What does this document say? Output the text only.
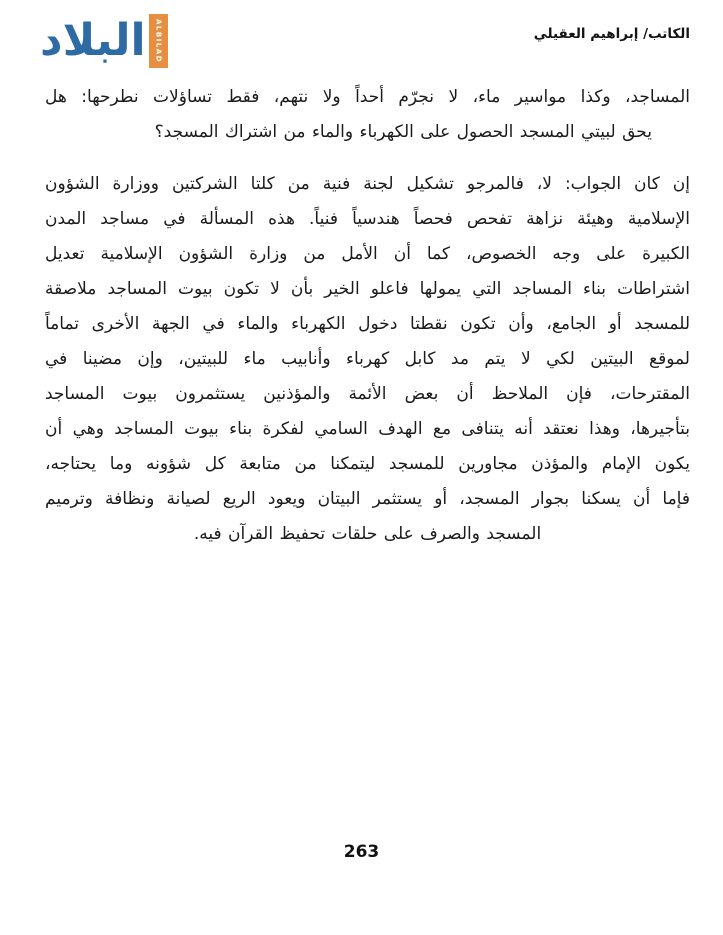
البلاد ALBILAD	الكاتب/ إبراهيم العقيلي
المساجد، وكذا مواسير ماء، لا نجرّم أحداً ولا نتهم، فقط تساؤلات نطرحها: هل
يحق لبيتي المسجد الحصول على الكهرباء والماء من اشتراك المسجد؟
إن كان الجواب: لا، فالمرجو تشكيل لجنة فنية من كلتا الشركتين ووزارة الشؤون
الإسلامية وهيئة نزاهة تفحص فحصاً هندسياً فنياً. هذه المسألة في مساجد المدن
الكبيرة على وجه الخصوص، كما أن الأمل من وزارة الشؤون الإسلامية تعديل
اشتراطات بناء المساجد التي يمولها فاعلو الخير بأن لا تكون بيوت المساجد ملاصقة
للمسجد أو الجامع، وأن تكون نقطتا دخول الكهرباء والماء في الجهة الأخرى تماماً
لموقع البيتين لكي لا يتم مد كابل كهرباء وأنابيب ماء للبيتين، وإن مضينا في
المقترحات، فإن الملاحظ أن بعض الأئمة والمؤذنين يستثمرون بيوت المساجد
بتأجيرها، وهذا نعتقد أنه يتنافى مع الهدف السامي لفكرة بناء بيوت المساجد وهي أن
يكون الإمام والمؤذن مجاورين للمسجد ليتمكنا من متابعة كل شؤونه وما يحتاجه،
فإما أن يسكنا بجوار المسجد، أو يستثمر البيتان ويعود الريع لصيانة ونظافة وترميم
المسجد والصرف على حلقات تحفيظ القرآن فيه.
263
